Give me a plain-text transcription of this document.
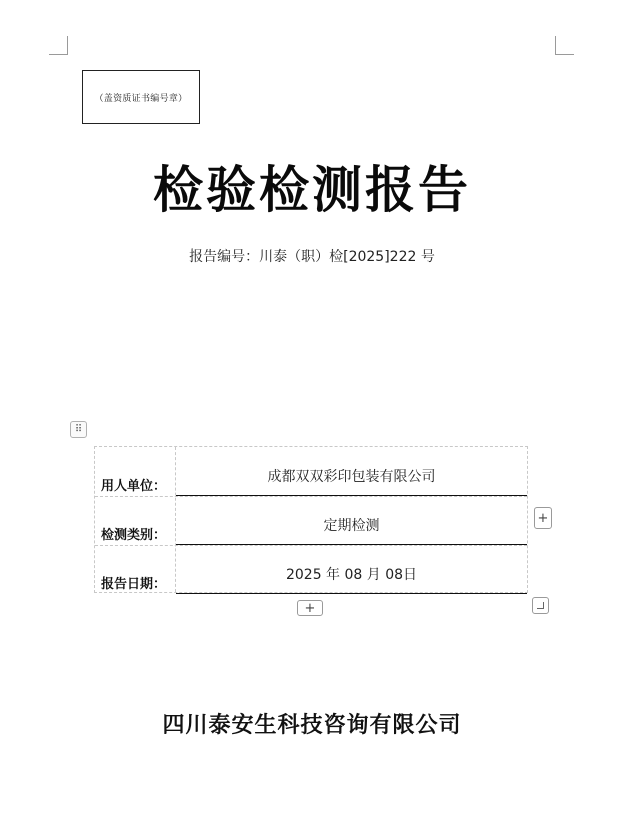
（盖资质证书编号章）
检验检测报告
报告编号：川泰（职）检[2025]222 号
⠿
用人单位：
成都双双彩印包装有限公司
检测类别：
定期检测
报告日期：
2025 年 08 月 08日
+
+
四川泰安生科技咨询有限公司
